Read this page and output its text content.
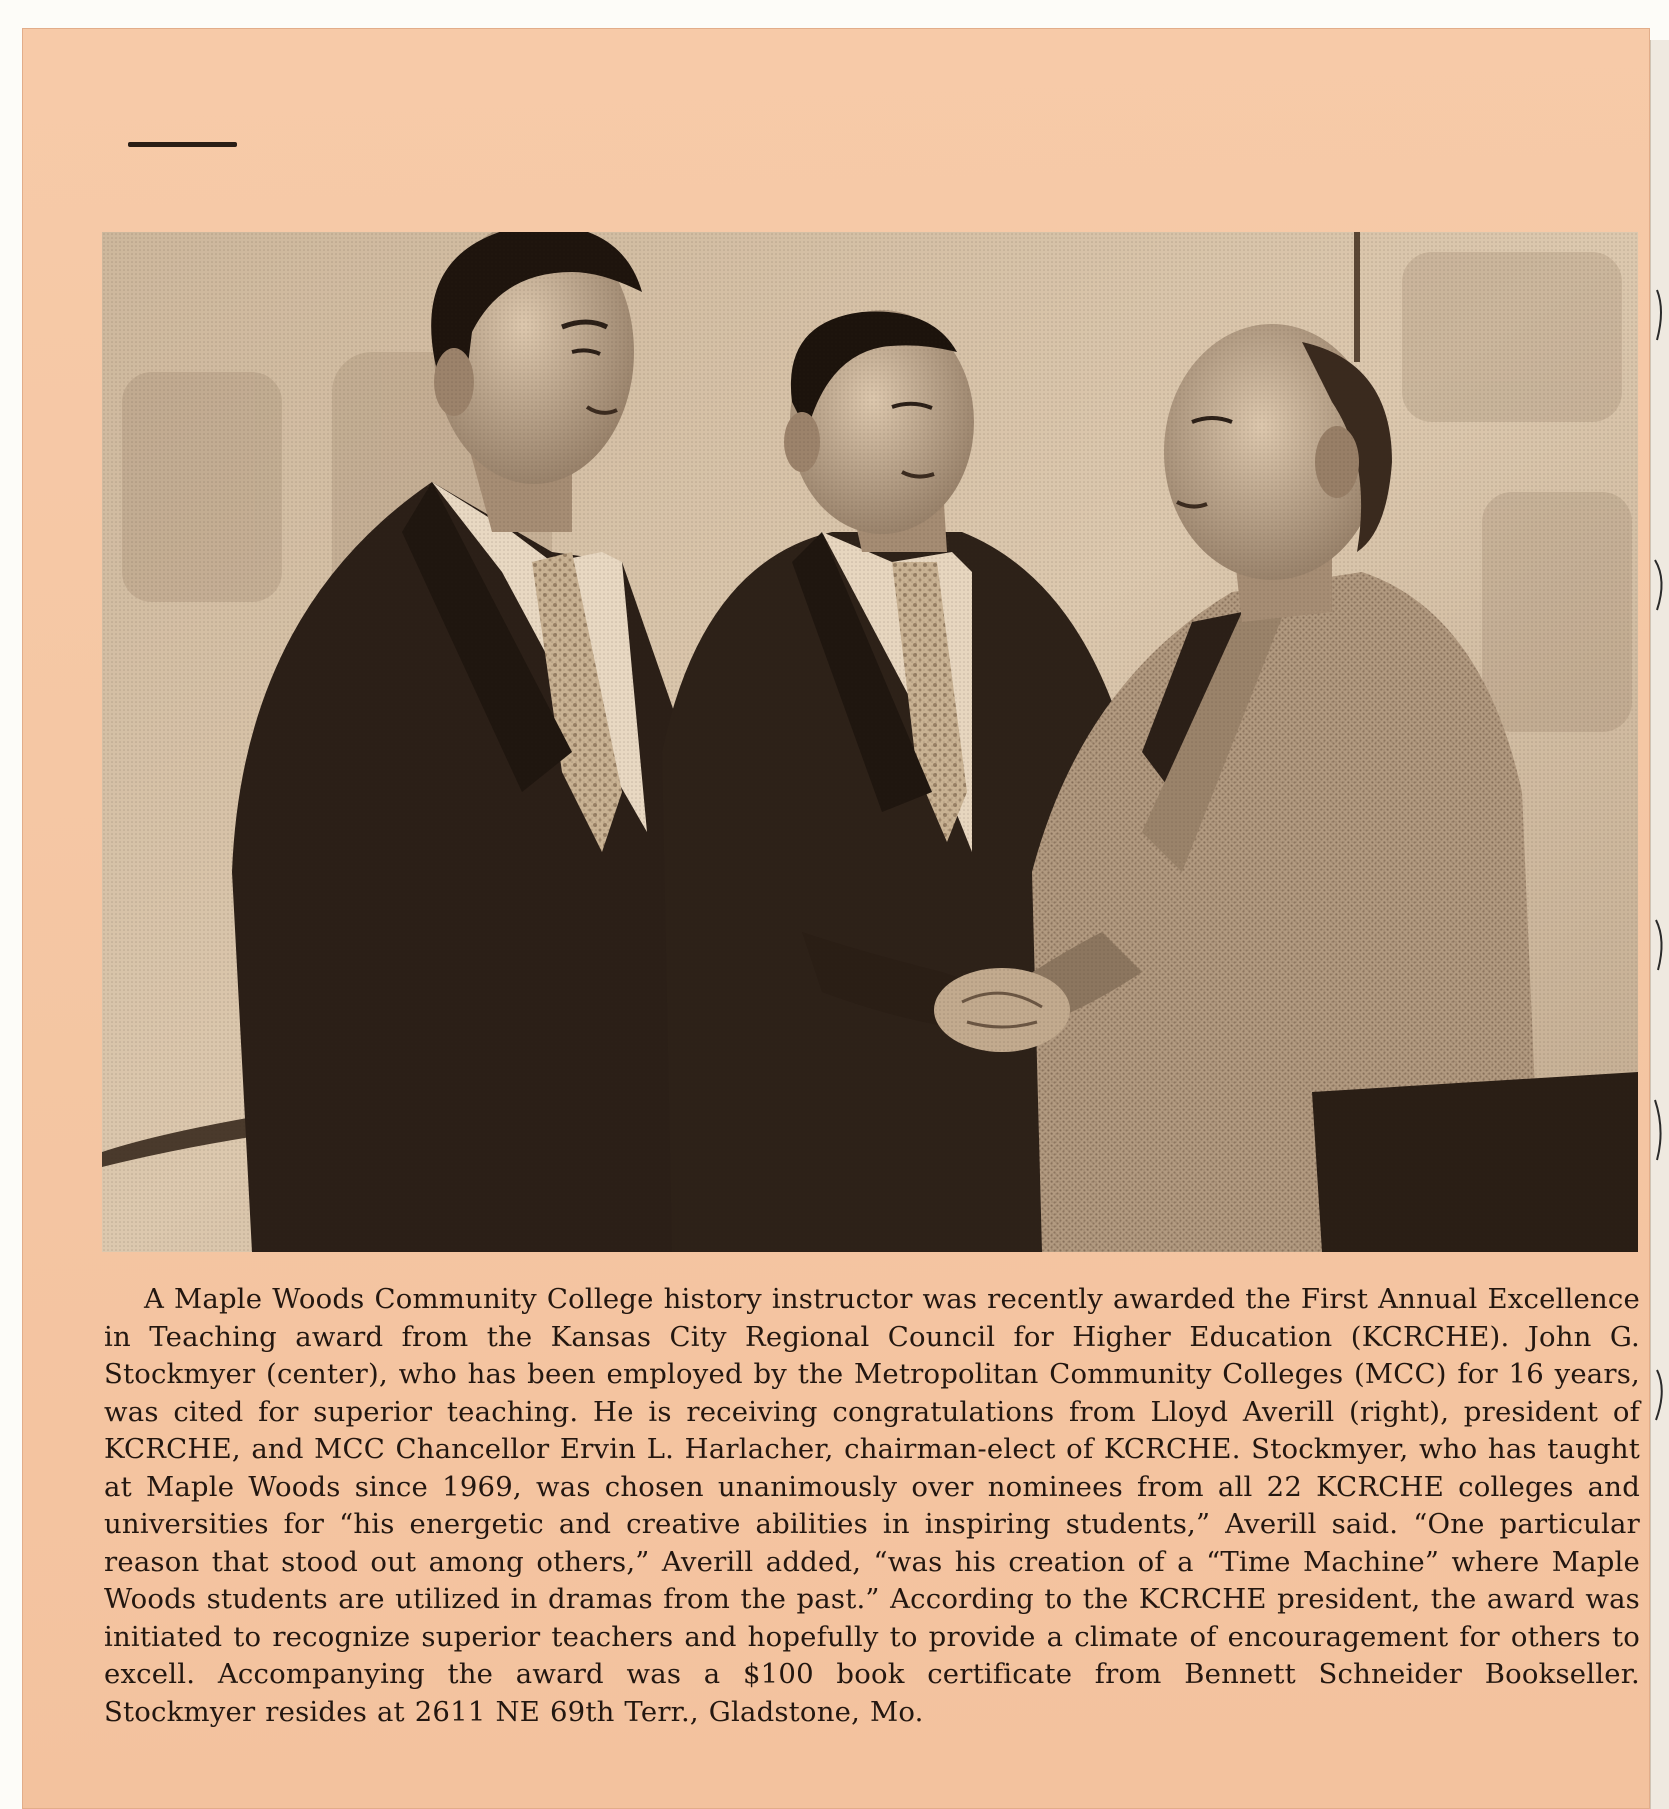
A Maple Woods Community College history instructor was recently awarded the First Annual Excellence in Teaching award from the Kansas City Regional Council for Higher Education (KCRCHE). John G. Stockmyer (center), who has been employed by the Metropolitan Community Colleges (MCC) for 16 years, was cited for superior teaching. He is receiving congratulations from Lloyd Averill (right), president of KCRCHE, and MCC Chancellor Ervin L. Harlacher, chairman-elect of KCRCHE. Stockmyer, who has taught at Maple Woods since 1969, was chosen unanimously over nominees from all 22 KCRCHE colleges and universities for “his energetic and creative abilities in inspiring students,” Averill said. “One particular reason that stood out among others,” Averill added, “was his creation of a “Time Machine” where Maple Woods students are utilized in dramas from the past.” According to the KCRCHE president, the award was initiated to recognize superior teachers and hopefully to provide a climate of encouragement for others to excell. Accompanying the award was a $100 book certificate from Bennett Schneider Bookseller. Stockmyer resides at 2611 NE 69th Terr., Gladstone, Mo.
